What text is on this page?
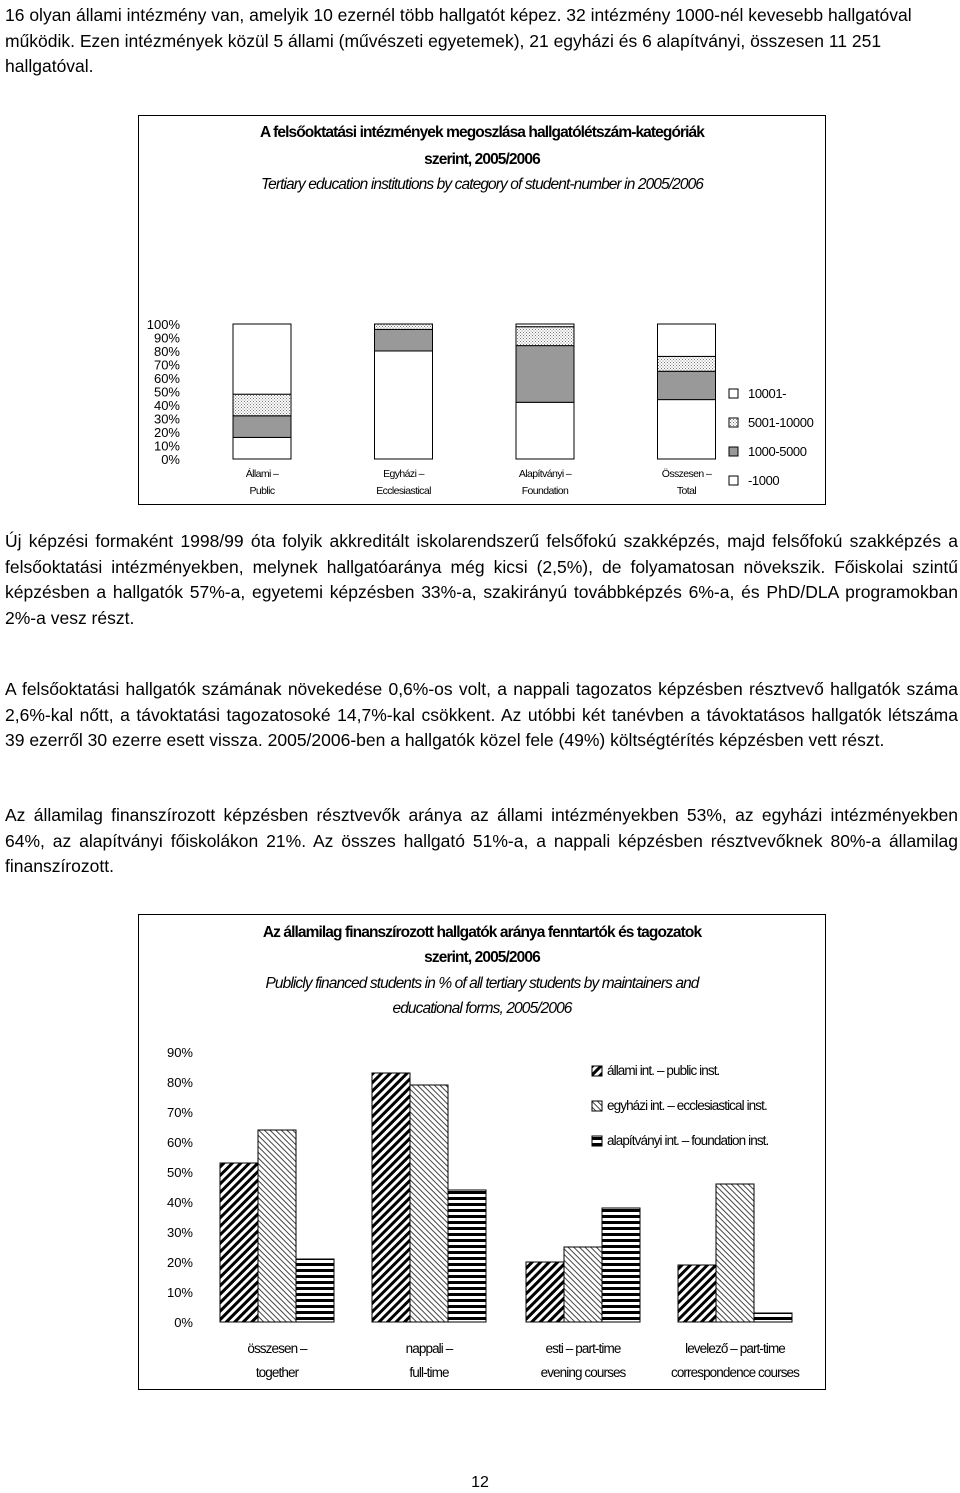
16 olyan állami intézmény van, amelyik 10 ezernél több hallgatót képez. 32 intézmény 1000-nél kevesebb hallgatóval működik. Ezen intézmények közül 5 állami (művészeti egyetemek), 21 egyházi és 6 alapítványi, összesen 11 251 hallgatóval.

A felsőoktatási intézmények megoszlása hallgatólétszám-kategóriák
szerint, 2005/2006
Tertiary education institutions by category of student-number in 2005/2006
100%
90%
80%
70%
60%
50%
40%
30%
20%
10%
0%
Állami –
Public
Egyházi –
Ecclesiastical
Alapítványi –
Foundation
Összesen –
Total
10001-
5001-10000
1000-5000
-1000

Új képzési formaként 1998/99 óta folyik akkreditált iskolarendszerű felsőfokú szakképzés, majd felsőfokú szakképzés a felsőoktatási intézményekben, melynek hallgatóaránya még kicsi (2,5%), de folyamatosan növekszik. Főiskolai szintű képzésben a hallgatók 57%-a, egyetemi képzésben 33%-a, szakirányú továbbképzés 6%-a, és PhD/DLA programokban 2%-a vesz részt.

A felsőoktatási hallgatók számának növekedése 0,6%-os volt, a nappali tagozatos képzésben résztvevő hallgatók száma 2,6%-kal nőtt, a távoktatási tagozatosoké 14,7%-kal csökkent. Az utóbbi két tanévben a távoktatásos hallgatók létszáma 39 ezerről 30 ezerre esett vissza. 2005/2006-ben a hallgatók közel fele (49%) költségtérítés képzésben vett részt.

Az államilag finanszírozott képzésben résztvevők aránya az állami intézményekben 53%, az egyházi intézményekben 64%, az alapítványi főiskolákon 21%. Az összes hallgató 51%-a, a nappali képzésben résztvevőknek 80%-a államilag finanszírozott.

Az államilag finanszírozott hallgatók aránya fenntartók és tagozatok
szerint, 2005/2006
Publicly financed students in % of all tertiary students by maintainers and
educational forms, 2005/2006
90%
80%
70%
60%
50%
40%
30%
20%
10%
0%
összesen –
together
nappali –
full-time
esti – part-time
evening courses
levelező – part-time
correspondence courses
állami int. – public inst.
egyházi int. – ecclesiastical inst.
alapítványi int. – foundation inst.
12
